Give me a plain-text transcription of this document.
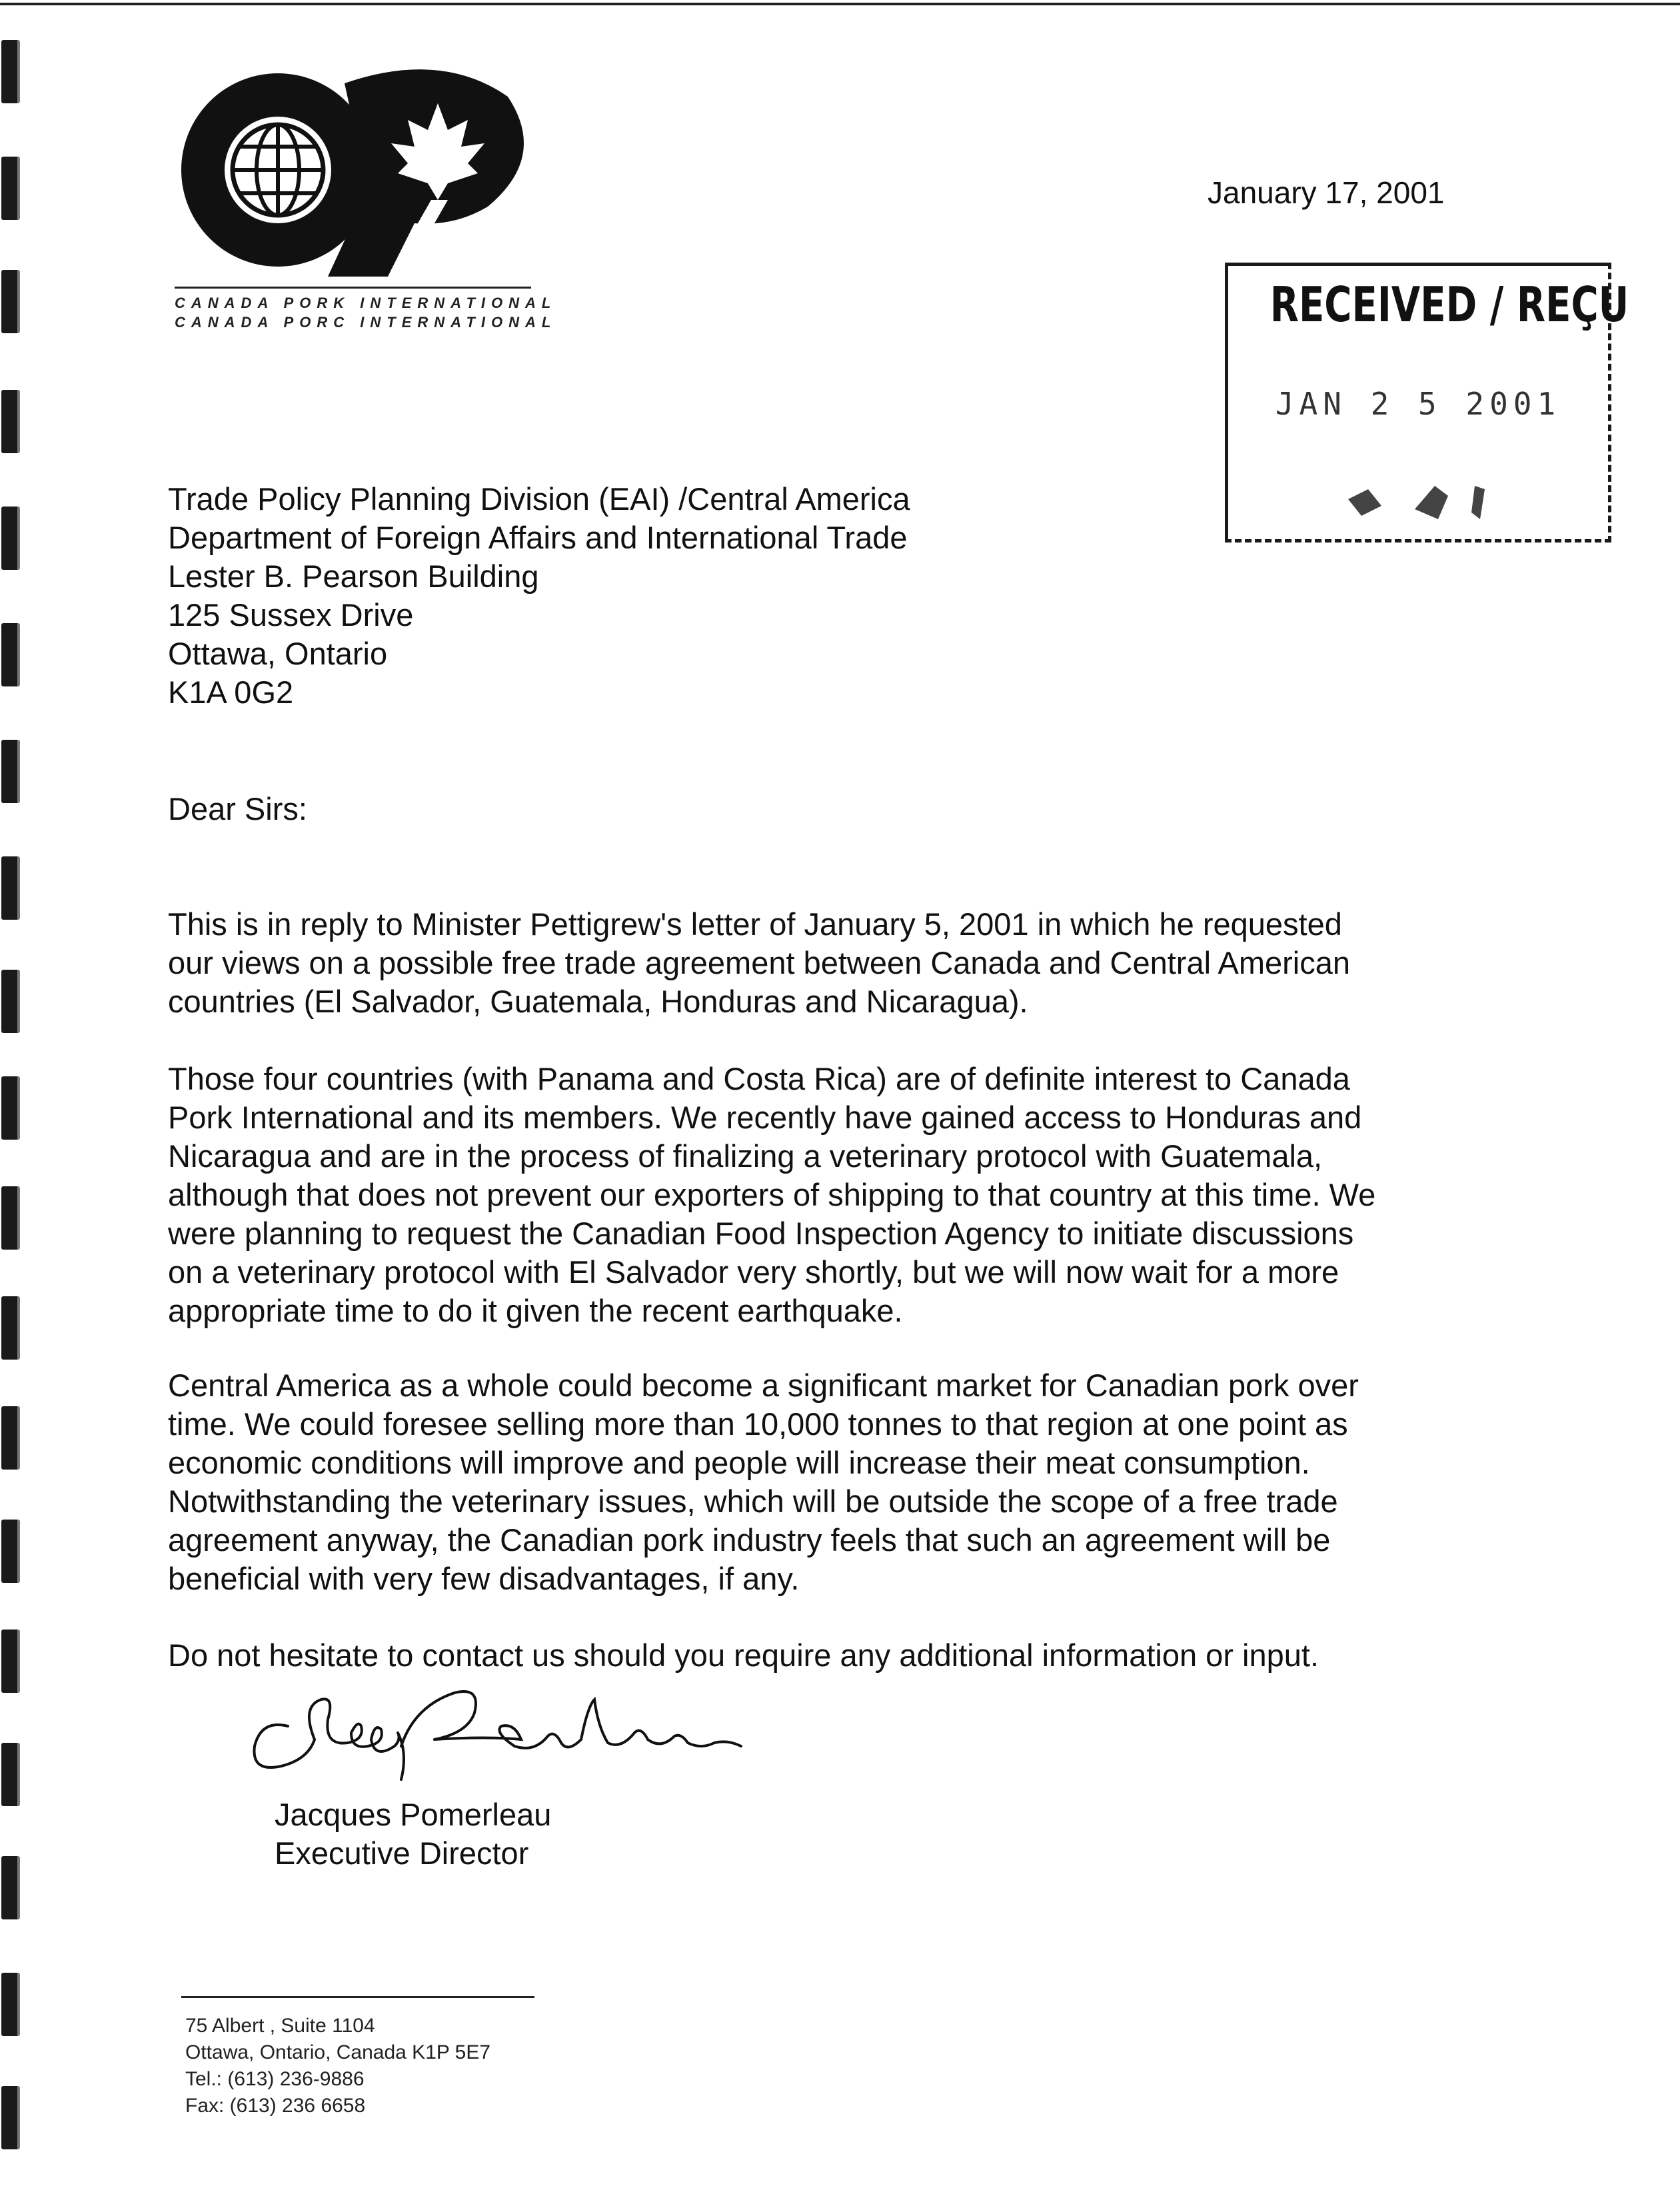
CANADA PORK INTERNATIONAL
CANADA PORC INTERNATIONAL
January 17, 2001
RECEIVED / REÇU
JAN 2 5 2001
Trade Policy Planning Division (EAI) /Central America
Department of Foreign Affairs and International Trade
Lester B. Pearson Building
125 Sussex Drive
Ottawa, Ontario
K1A 0G2
Dear Sirs:
This is in reply to Minister Pettigrew's letter of January 5, 2001 in which he requested
our views on a possible free trade agreement between Canada and Central American
countries (El Salvador, Guatemala, Honduras and Nicaragua).
Those four countries (with Panama and Costa Rica) are of definite interest to Canada
Pork International and its members. We recently have gained access to Honduras and
Nicaragua and are in the process of finalizing a veterinary protocol with Guatemala,
although that does not prevent our exporters of shipping to that country at this time. We
were planning to request the Canadian Food Inspection Agency to initiate discussions
on a veterinary protocol with El Salvador very shortly, but we will now wait for a more
appropriate time to do it given the recent earthquake.
Central America as a whole could become a significant market for Canadian pork over
time. We could foresee selling more than 10,000 tonnes to that region at one point as
economic conditions will improve and people will increase their meat consumption.
Notwithstanding the veterinary issues, which will be outside the scope of a free trade
agreement anyway, the Canadian pork industry feels that such an agreement will be
beneficial with very few disadvantages, if any.
Do not hesitate to contact us should you require any additional information or input.
Jacques Pomerleau
Executive Director
75 Albert , Suite 1104
Ottawa, Ontario, Canada K1P 5E7
Tel.: (613) 236-9886
Fax: (613) 236 6658
